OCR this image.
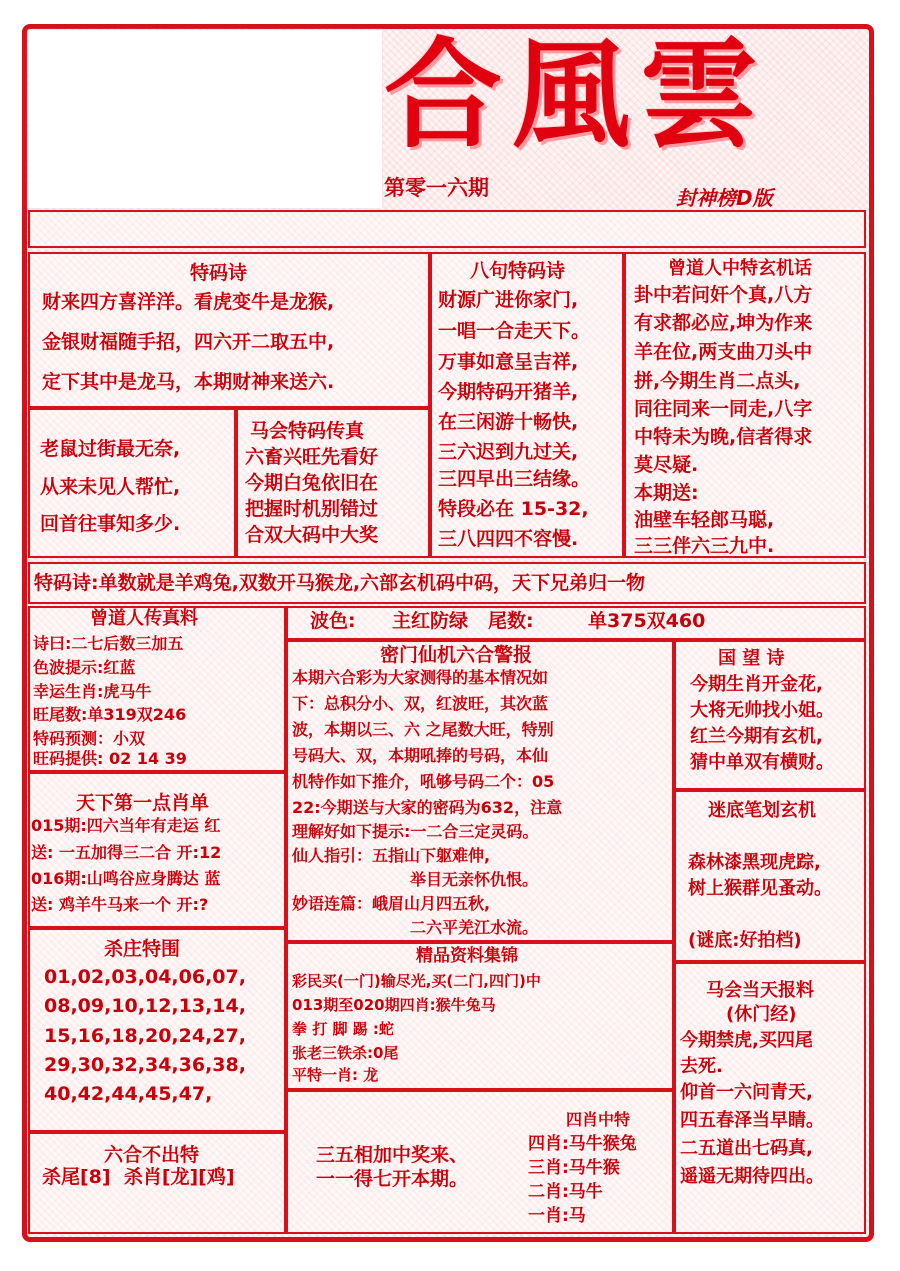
合風雲
第零一六期	封神榜D版
特码诗
财来四方喜洋洋。看虎变牛是龙猴,
金银财福随手招，四六开二取五中,
定下其中是龙马，本期财神来送六.
八句特码诗
财源广进你家门,
一唱一合走天下。
万事如意呈吉祥,
今期特码开猪羊,
在三闲游十畅快,
三六迟到九过关,
三四早出三结缘。
特段必在 15-32,
三八四四不容慢.
曾道人中特玄机话
卦中若问奸个真,八方
有求都必应,坤为作来
羊在位,两支曲刀头中
拼,今期生肖二点头,
同往同来一同走,八字
中特未为晚,信者得求
莫尽疑.
本期送:
油壁车轻郎马聪,
三三伴六三九中.
老鼠过街最无奈,
从来未见人帮忙,
回首往事知多少.
马会特码传真
六畜兴旺先看好
今期白兔依旧在
把握时机别错过
合双大码中大奖
特码诗:单数就是羊鸡兔,双数开马猴龙,六部玄机码中码，天下兄弟归一物
曾道人传真料
诗曰:二七后数三加五
色波提示:红蓝
幸运生肖:虎马牛
旺尾数:单319双246
特码预测：小双
旺码提供: 02 14 39
波色: 主红防绿 尾数:	单375双460
密门仙机六合警报
本期六合彩为大家测得的基本情况如
下：总积分小、双，红波旺，其次蓝
波，本期以三、六 之尾数大旺，特别
号码大、双，本期吼捧的号码，本仙
机特作如下推介，吼够号码二个：05
22:今期送与大家的密码为632，注意
理解好如下提示:一二合三定灵码。
仙人指引：五指山下躯难伸,
举目无亲怀仇恨。
妙语连篇：峨眉山月四五秋,
二六平羌江水流。
国 望 诗
今期生肖开金花,
大将无帅找小姐。
红兰今期有玄机,
猜中单双有横财。
天下第一点肖单
015期:四六当年有走运 红
送: 一五加得三二合 开:12
016期:山鸣谷应身腾达 蓝
送: 鸡羊牛马来一个 开:?
迷底笔划玄机
森林漆黑现虎踪,
树上猴群见蚤动。
(谜底:好拍档)
杀庄特围
01,02,03,04,06,07,
08,09,10,12,13,14,
15,16,18,20,24,27,
29,30,32,34,36,38,
40,42,44,45,47,
精品资料集锦
彩民买(一门)输尽光,买(二门,四门)中
013期至020期四肖:猴牛兔马
拳 打 脚 踢 :蛇
张老三铁杀:0尾
平特一肖: 龙
马会当天报料
(休门经)
今期禁虎,买四尾
去死.
仰首一六问青天,
四五春泽当早睛。
二五道出七码真,
遥遥无期待四出。
六合不出特
杀尾[8]  杀肖[龙][鸡]
三五相加中奖来、
一一得七开本期。
四肖中特
四肖:马牛猴兔
三肖:马牛猴
二肖:马牛
一肖:马
